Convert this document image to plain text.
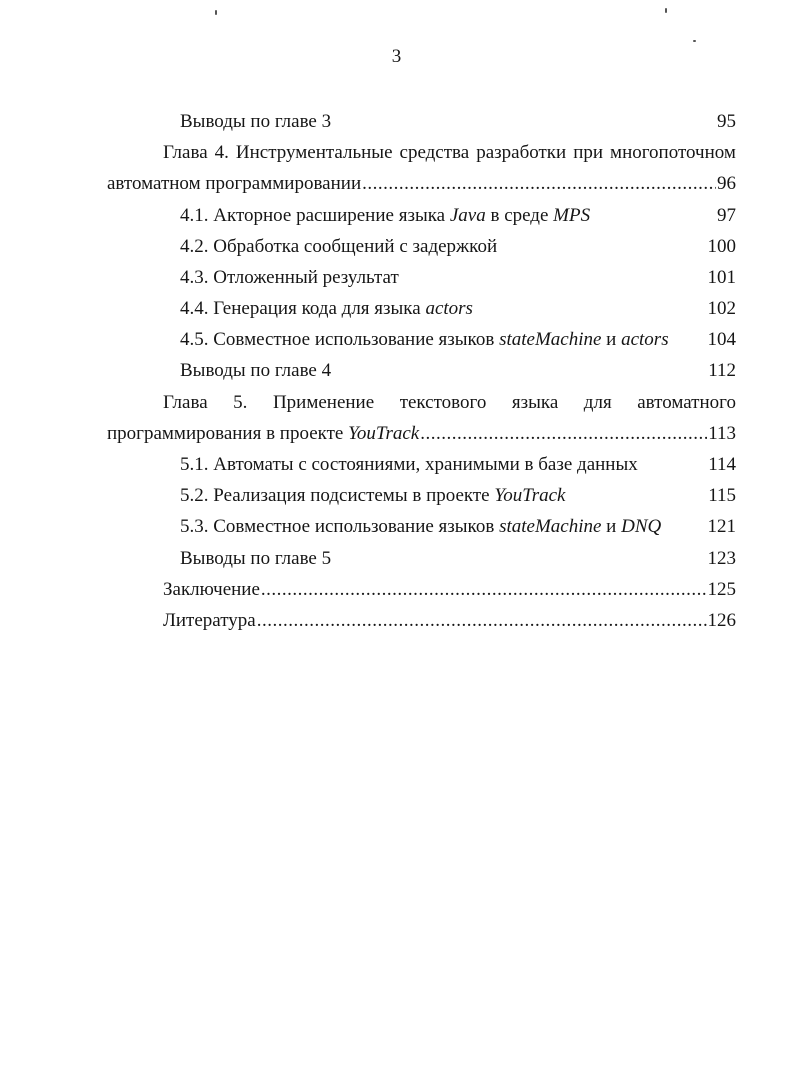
3
Выводы по главе 3	95
Глава 4. Инструментальные средства разработки при многопоточном
автоматном программировании .....	96
4.1. Акторное расширение языка Java в среде MPS	97
4.2. Обработка сообщений с задержкой	100
4.3. Отложенный результат	101
4.4. Генерация кода для языка actors	102
4.5. Совместное использование языков stateMachine и actors 104
Выводы по главе 4	112
Глава 5. Применение текстового языка для автоматного
программирования в проекте YouTrack .....	113
5.1. Автоматы с состояниями, хранимыми в базе данных	114
5.2. Реализация подсистемы в проекте YouTrack	115
5.3. Совместное использование языков stateMachine и DNQ 121
Выводы по главе 5	123
Заключение .....	125
Литература .....	126
